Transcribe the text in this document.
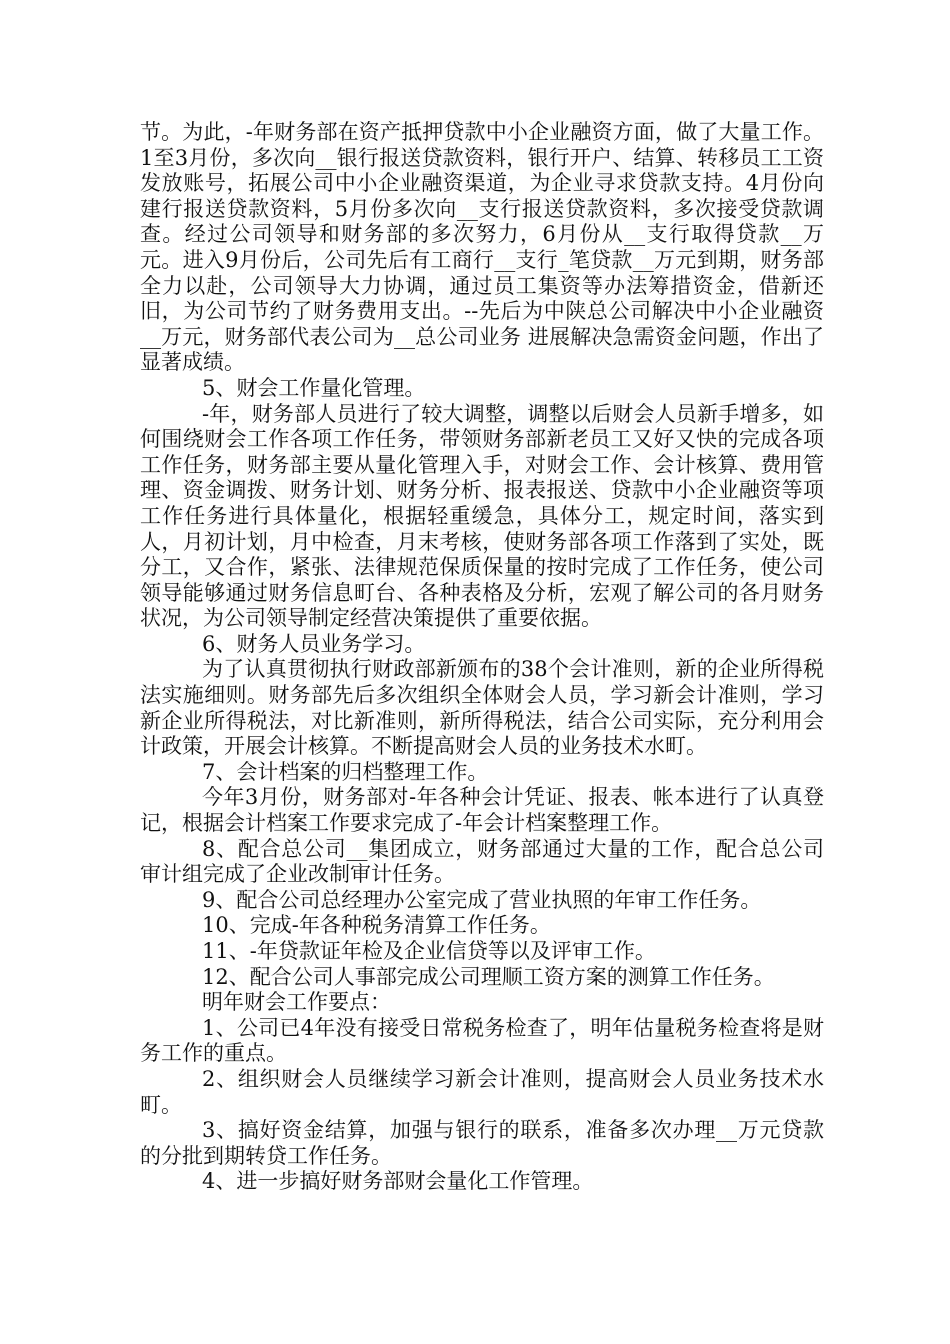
节。为此，-年财务部在资产抵押贷款中小企业融资方面，做了大量工作。1至3月份，多次向__银行报送贷款资料，银行开户、结算、转移员工工资发放账号，拓展公司中小企业融资渠道，为企业寻求贷款支持。4月份向建行报送贷款资料，5月份多次向__支行报送贷款资料，多次接受贷款调查。经过公司领导和财务部的多次努力，6月份从__支行取得贷款__万元。进入9月份后，公司先后有工商行__支行_笔贷款__万元到期，财务部全力以赴，公司领导大力协调，通过员工集资等办法筹措资金，借新还旧，为公司节约了财务费用支出。--先后为中陕总公司解决中小企业融资__万元，财务部代表公司为__总公司业务 进展解决急需资金问题，作出了显著成绩。

5、财会工作量化管理。

-年，财务部人员进行了较大调整，调整以后财会人员新手增多，如何围绕财会工作各项工作任务，带领财务部新老员工又好又快的完成各项工作任务，财务部主要从量化管理入手，对财会工作、会计核算、费用管理、资金调拨、财务计划、财务分析、报表报送、贷款中小企业融资等项工作任务进行具体量化，根据轻重缓急，具体分工，规定时间，落实到人，月初计划，月中检查，月末考核，使财务部各项工作落到了实处，既分工，又合作，紧张、法律规范保质保量的按时完成了工作任务，使公司领导能够通过财务信息町台、各种表格及分析，宏观了解公司的各月财务状况，为公司领导制定经营决策提供了重要依据。

6、财务人员业务学习。

为了认真贯彻执行财政部新颁布的38个会计准则，新的企业所得税法实施细则。财务部先后多次组织全体财会人员，学习新会计准则，学习新企业所得税法，对比新准则，新所得税法，结合公司实际，充分利用会计政策，开展会计核算。不断提高财会人员的业务技术水町。

7、会计档案的归档整理工作。

今年3月份，财务部对-年各种会计凭证、报表、帐本进行了认真登记，根据会计档案工作要求完成了-年会计档案整理工作。

8、配合总公司__集团成立，财务部通过大量的工作，配合总公司审计组完成了企业改制审计任务。

9、配合公司总经理办公室完成了营业执照的年审工作任务。

10、完成-年各种税务清算工作任务。

11、-年贷款证年检及企业信贷等以及评审工作。

12、配合公司人事部完成公司理顺工资方案的测算工作任务。

明年财会工作要点：

1、公司已4年没有接受日常税务检查了，明年估量税务检查将是财务工作的重点。

2、组织财会人员继续学习新会计准则，提高财会人员业务技术水町。

3、搞好资金结算，加强与银行的联系，准备多次办理__万元贷款的分批到期转贷工作任务。

4、进一步搞好财务部财会量化工作管理。
